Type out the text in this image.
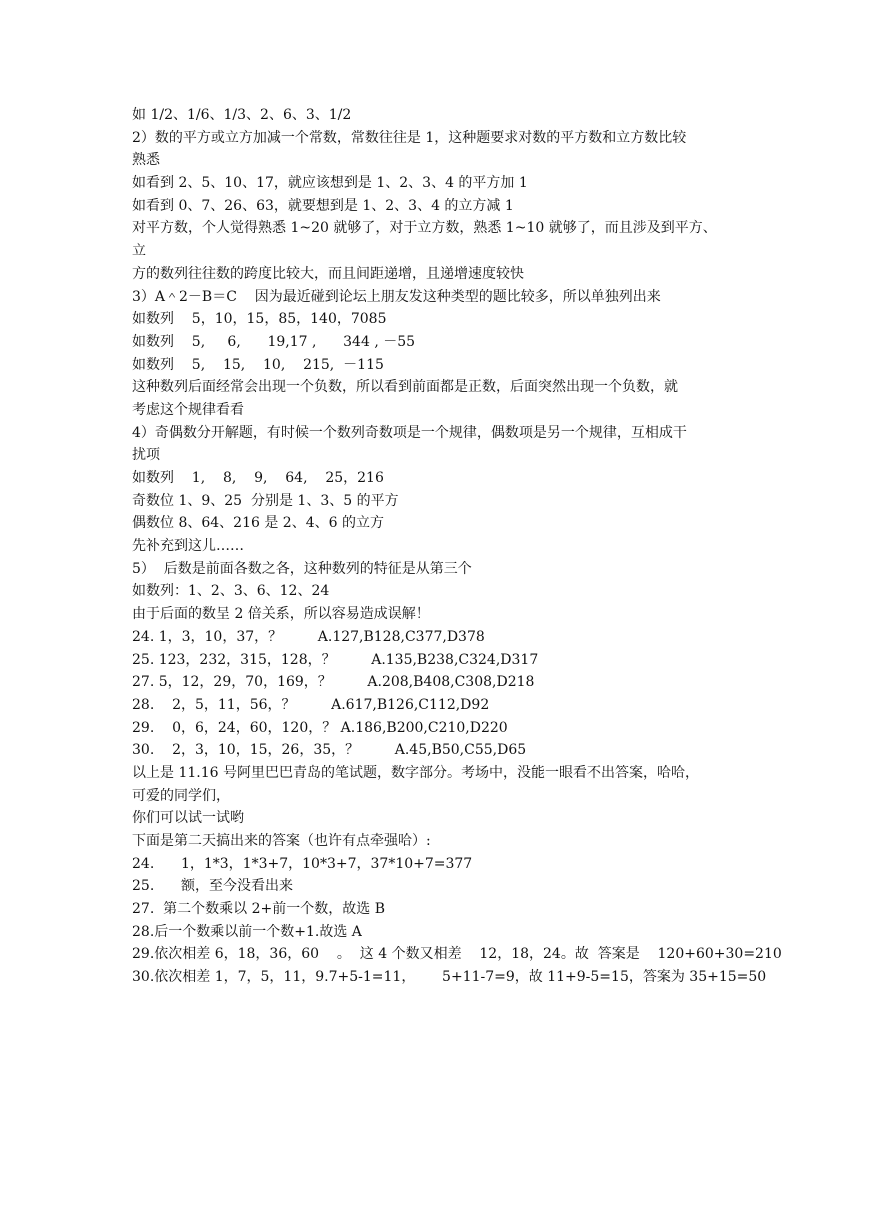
如 1/2、1/6、1/3、2、6、3、1/2
2）数的平方或立方加减一个常数，常数往往是 1，这种题要求对数的平方数和立方数比较
熟悉
如看到 2、5、10、17，就应该想到是 1、2、3、4 的平方加 1
如看到 0、7、26、63，就要想到是 1、2、3、4 的立方减 1
对平方数，个人觉得熟悉 1~20 就够了，对于立方数，熟悉 1~10 就够了，而且涉及到平方、
立
方的数列往往数的跨度比较大，而且间距递增，且递增速度较快
3）A＾2－B＝C    因为最近碰到论坛上朋友发这种类型的题比较多，所以单独列出来
如数列    5，10，15，85，140，7085
如数列    5,     6,      19,17 ,      344 , －55
如数列    5,    15,    10,    215,  －115
这种数列后面经常会出现一个负数，所以看到前面都是正数，后面突然出现一个负数，就
考虑这个规律看看
4）奇偶数分开解题，有时候一个数列奇数项是一个规律，偶数项是另一个规律，互相成干
扰项
如数列    1,    8,    9,    64,    25，216
奇数位 1、9、25  分别是 1、3、5 的平方
偶数位 8、64、216 是 2、4、6 的立方
先补充到这儿……
5）  后数是前面各数之各，这种数列的特征是从第三个
如数列：1、2、3、6、12、24
由于后面的数呈 2 倍关系，所以容易造成误解！
24. 1，3，10，37，？        A.127,B128,C377,D378
25. 123，232，315，128，？        A.135,B238,C324,D317
27. 5，12，29，70，169，？        A.208,B408,C308,D218
28.    2，5，11，56，？        A.617,B126,C112,D92
29.    0，6，24，60，120，？ A.186,B200,C210,D220
30.    2，3，10，15，26，35，？        A.45,B50,C55,D65
以上是 11.16 号阿里巴巴青岛的笔试题，数字部分。考场中，没能一眼看不出答案，哈哈，
可爱的同学们，
你们可以试一试哟
下面是第二天搞出来的答案（也许有点牵强哈）:
24.      1，1*3，1*3+7，10*3+7，37*10+7=377
25.      额，至今没看出来
27.  第二个数乘以 2+前一个数，故选 B
28.后一个数乘以前一个数+1.故选 A
29.依次相差 6，18，36，60    。  这 4 个数又相差    12，18，24。故  答案是    120+60+30=210
30.依次相差 1，7，5，11，9.7+5-1=11，      5+11-7=9，故 11+9-5=15，答案为 35+15=50
